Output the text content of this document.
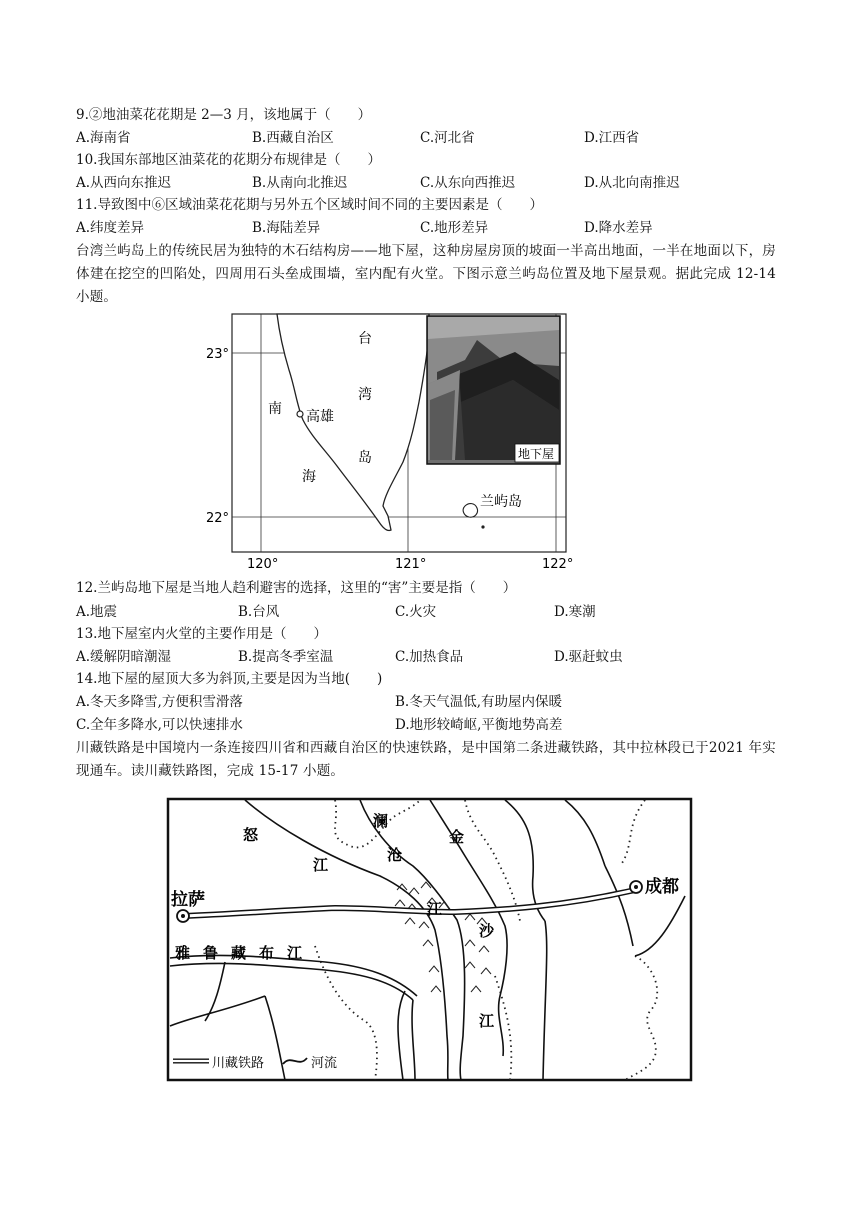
9.②地油菜花花期是 2—3 月，该地属于（　　）
A.海南省	B.西藏自治区	C.河北省	D.江西省
10.我国东部地区油菜花的花期分布规律是（　　）
A.从西向东推迟	B.从南向北推迟	C.从东向西推迟	D.从北向南推迟
11.导致图中⑥区域油菜花花期与另外五个区域时间不同的主要因素是（　　）
A.纬度差异	B.海陆差异	C.地形差异	D.降水差异
台湾兰屿岛上的传统民居为独特的木石结构房——地下屋，这种房屋房顶的坡面一半高出地面，一半在地面以下，房体建在挖空的凹陷处，四周用石头垒成围墙，室内配有火堂。下图示意兰屿岛位置及地下屋景观。据此完成 12-14 小题。
高雄
台
湾
岛
南
海
兰屿岛
23°
22°
120°	121°	122°
地下屋
12.兰屿岛地下屋是当地人趋利避害的选择，这里的“害”主要是指（　　）
A.地震	B.台风	C.火灾	D.寒潮
13.地下屋室内火堂的主要作用是（　　）
A.缓解阴暗潮湿	B.提高冬季室温	C.加热食品	D.驱赶蚊虫
14.地下屋的屋顶大多为斜顶,主要是因为当地(　　)
A.冬天多降雪,方便积雪滑落	B.冬天气温低,有助屋内保暖
C.全年多降水,可以快速排水	D.地形较崎岖,平衡地势高差
川藏铁路是中国境内一条连接四川省和西藏自治区的快速铁路，是中国第二条进藏铁路，其中拉林段已于2021 年实现通车。读川藏铁路图，完成 15-17 小题。
拉萨
成都
雅 鲁 藏 布 江
怒
江
澜
沧
江
金
沙
江
川藏铁路	河流
